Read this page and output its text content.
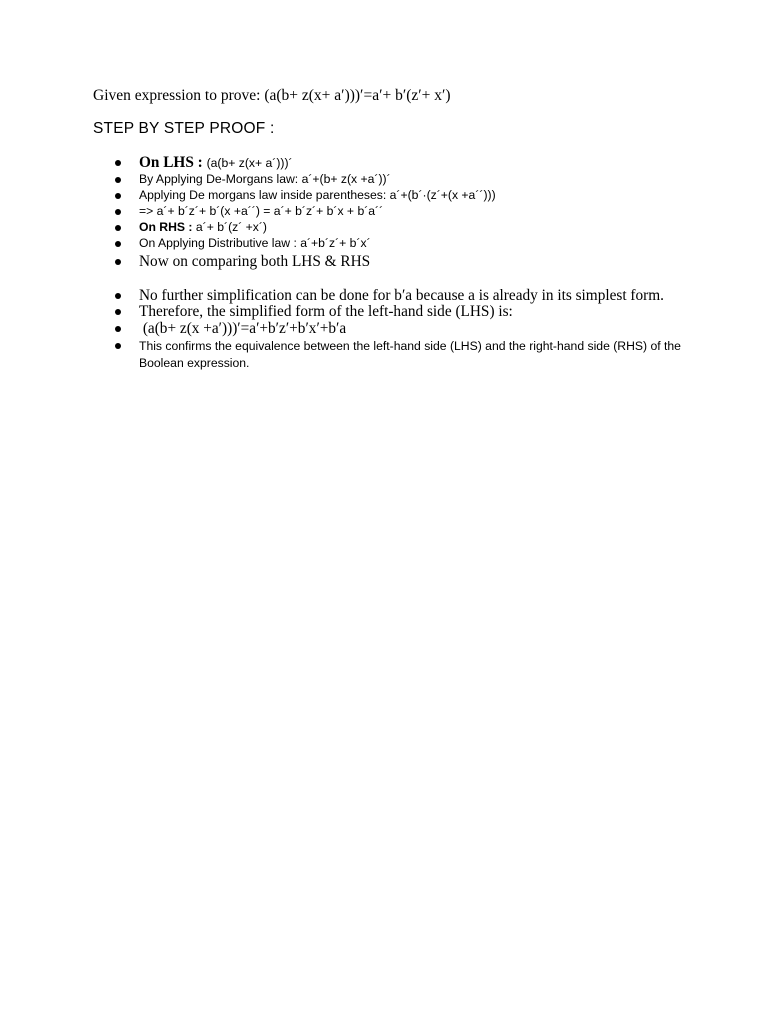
Given expression to prove: (a(b+ z(x+ a′)))′=a′+ b′(z′+ x′)
STEP BY STEP PROOF :
On LHS : (a(b+ z(x+ a´)))´
By Applying De-Morgans law: a´+(b+ z(x +a´))´
Applying De morgans law inside parentheses: a´+(b´·(z´+(x +a´´)))
=> a´+ b´z´+ b´(x +a´´) = a´+ b´z´+ b´x + b´a´´
On RHS : a´+ b´(z´ +x´)
On Applying Distributive law : a´+b´z´+ b´x´
Now on comparing both LHS & RHS
No further simplification can be done for b′a because a is already in its simplest form.
Therefore, the simplified form of the left-hand side (LHS) is:
(a(b+ z(x +a′)))′=a′+b′z′+b′x′+b′a
This confirms the equivalence between the left-hand side (LHS) and the right-hand side (RHS) of the Boolean expression.
